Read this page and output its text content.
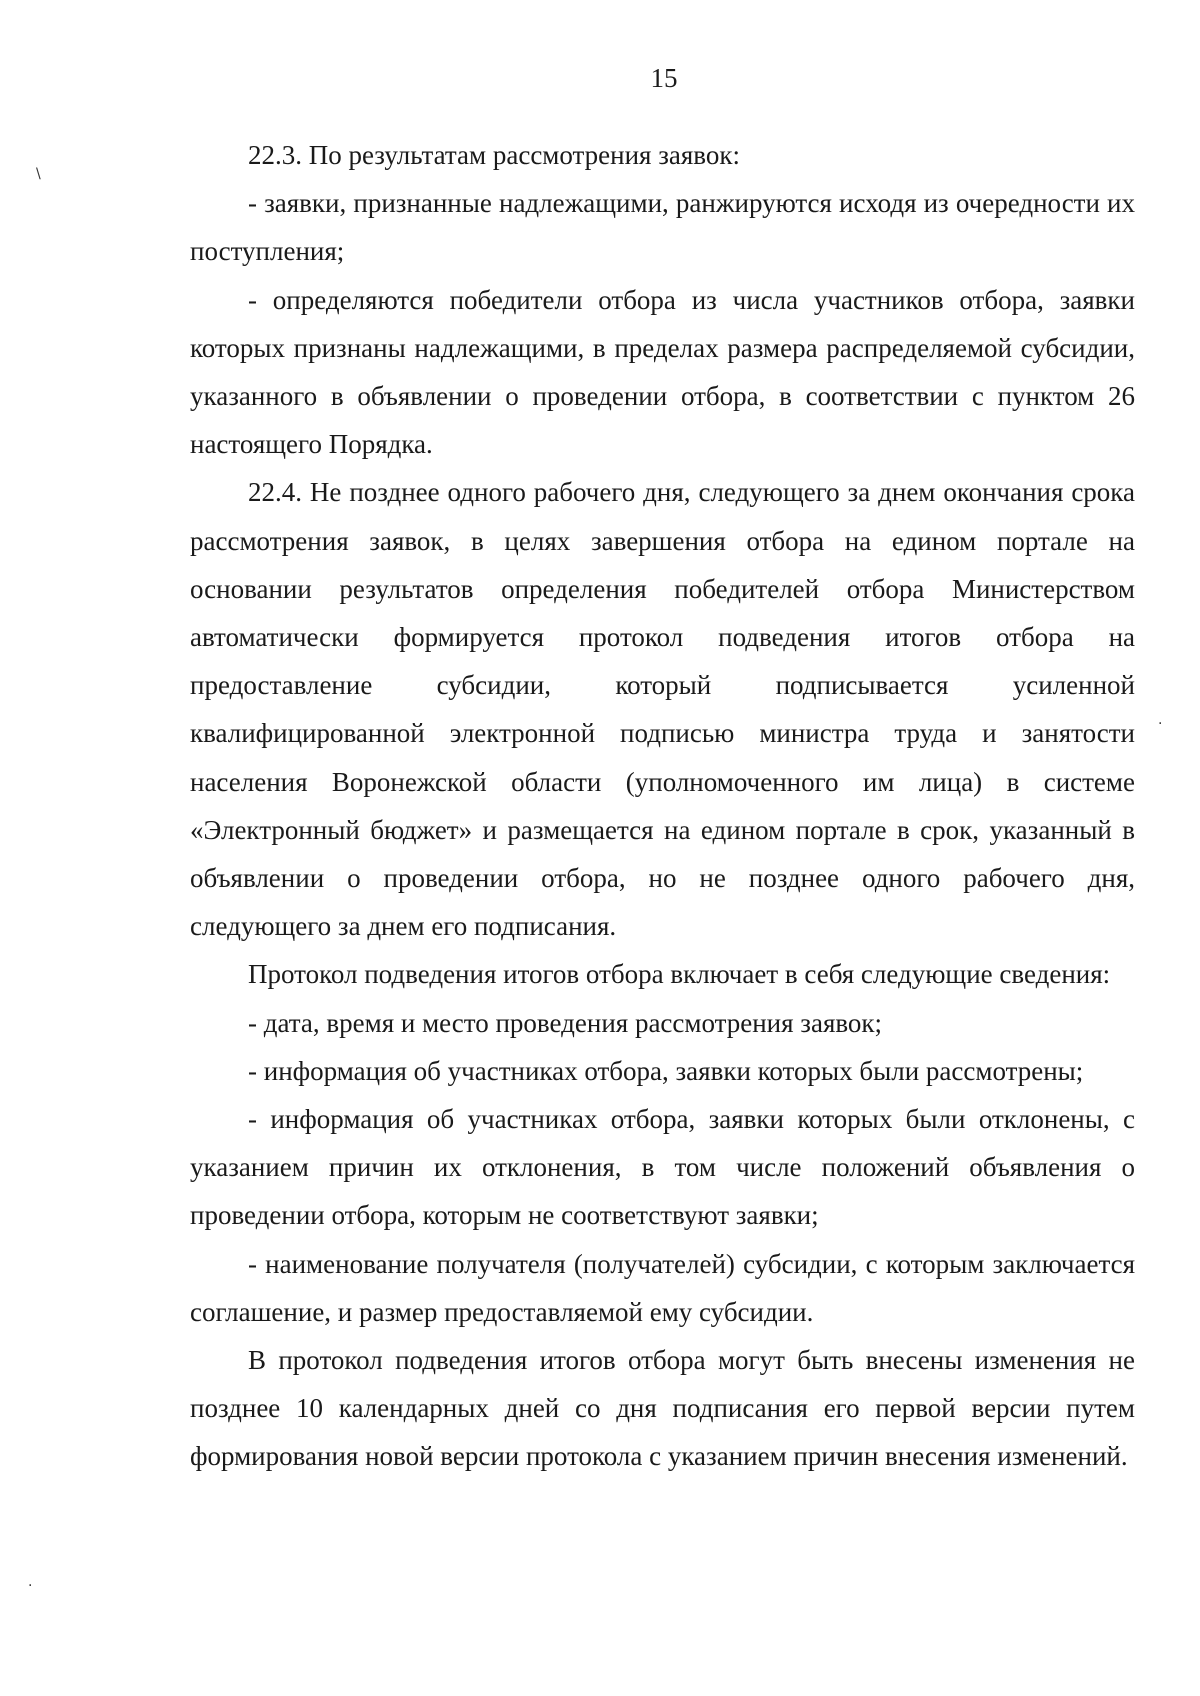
15

22.3. По результатам рассмотрения заявок:

- заявки, признанные надлежащими, ранжируются исходя из очередности их поступления;

- определяются победители отбора из числа участников отбора, заявки которых признаны надлежащими, в пределах размера распределяемой субсидии, указанного в объявлении о проведении отбора, в соответствии с пунктом 26 настоящего Порядка.

22.4. Не позднее одного рабочего дня, следующего за днем окончания срока рассмотрения заявок, в целях завершения отбора на едином портале на основании результатов определения победителей отбора Министерством автоматически формируется протокол подведения итогов отбора на предоставление субсидии, который подписывается усиленной квалифицированной электронной подписью министра труда и занятости населения Воронежской области (уполномоченного им лица) в системе «Электронный бюджет» и размещается на едином портале в срок, указанный в объявлении о проведении отбора, но не позднее одного рабочего дня, следующего за днем его подписания.

Протокол подведения итогов отбора включает в себя следующие сведения:

- дата, время и место проведения рассмотрения заявок;

- информация об участниках отбора, заявки которых были рассмотрены;

- информация об участниках отбора, заявки которых были отклонены, с указанием причин их отклонения, в том числе положений объявления о проведении отбора, которым не соответствуют заявки;

- наименование получателя (получателей) субсидии, с которым заключается соглашение, и размер предоставляемой ему субсидии.

В протокол подведения итогов отбора могут быть внесены изменения не позднее 10 календарных дней со дня подписания его первой версии путем формирования новой версии протокола с указанием причин внесения изменений.

\
·
·
